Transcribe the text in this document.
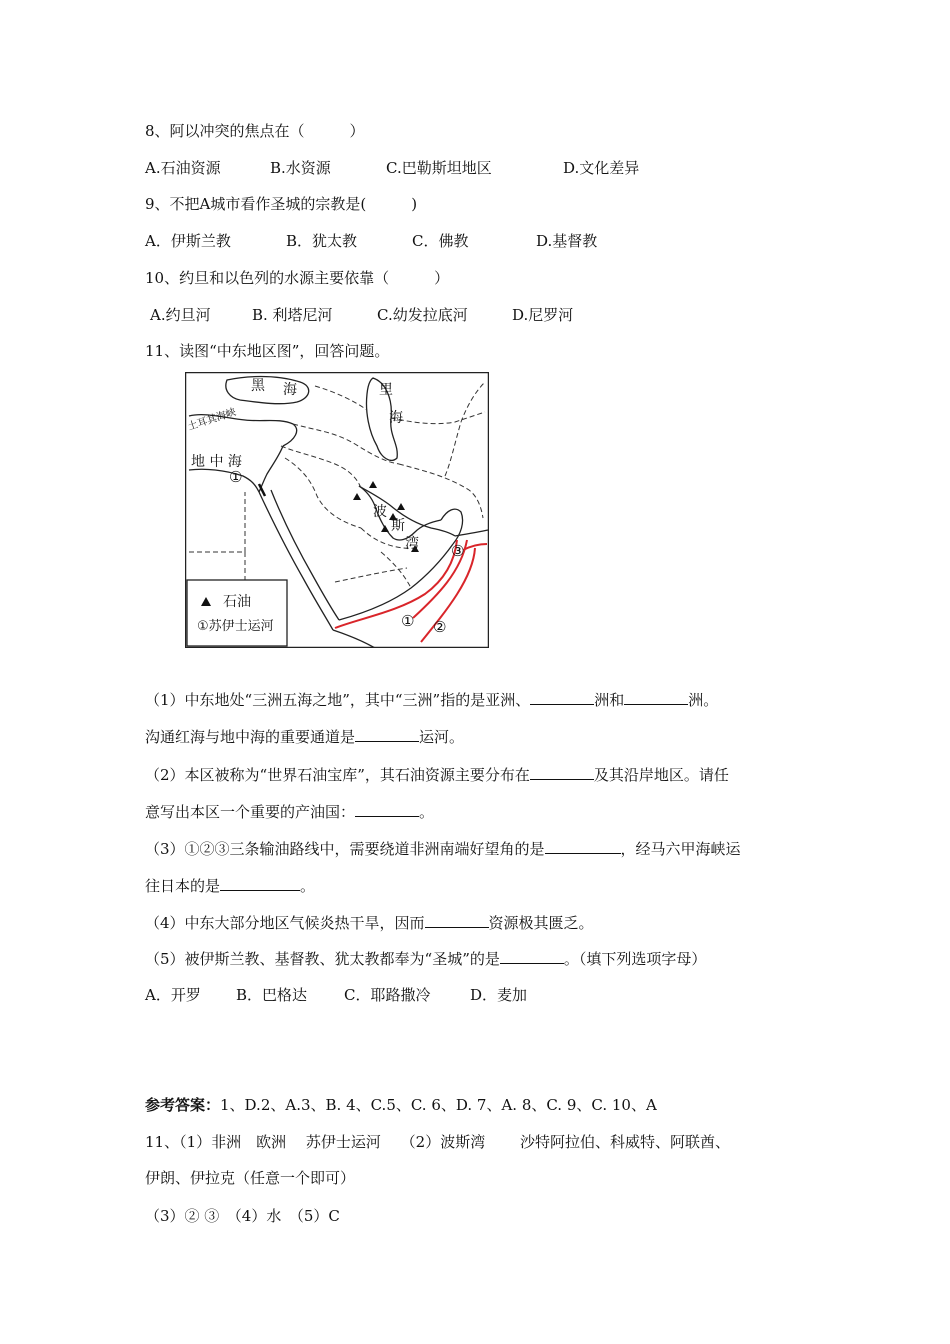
8、阿以冲突的焦点在（　　　）
A.石油资源	B.水资源	C.巴勒斯坦地区	D.文化差异
9、不把A城市看作圣城的宗教是(　　　)
A．伊斯兰教	B．犹太教	C．佛教	D.基督教
10、约旦和以色列的水源主要依靠（　　　）
A.约旦河	B. 利塔尼河	C.幼发拉底河	D.尼罗河
11、读图“中东地区图”，回答问题。
黑 海	里
海
地 中 海
波
斯
湾
①
① ②
③
土耳其海峡
石油
①苏伊士运河
（1）中东地处“三洲五海之地”，其中“三洲”指的是亚洲、	洲和	洲。
沟通红海与地中海的重要通道是	运河。
（2）本区被称为“世界石油宝库”，其石油资源主要分布在	及其沿岸地区。请任
意写出本区一个重要的产油国：	。
（3）①②③三条输油路线中，需要绕道非洲南端好望角的是	，经马六甲海峡运
往日本的是	。
（4）中东大部分地区气候炎热干旱，因而	资源极其匮乏。
（5）被伊斯兰教、基督教、犹太教都奉为“圣城”的是	。（填下列选项字母）
A．开罗 B．巴格达 C．耶路撒冷	D．麦加
参考答案：1、D.2、A.3、B. 4、C.5、C. 6、D. 7、A. 8、C. 9、C. 10、A
11、（1）非洲　欧洲　 苏伊士运河　 （2）波斯湾　　 沙特阿拉伯、科威特、阿联酋、
伊朗、伊拉克（任意一个即可）
（3）② ③　（4）水　（5）C
